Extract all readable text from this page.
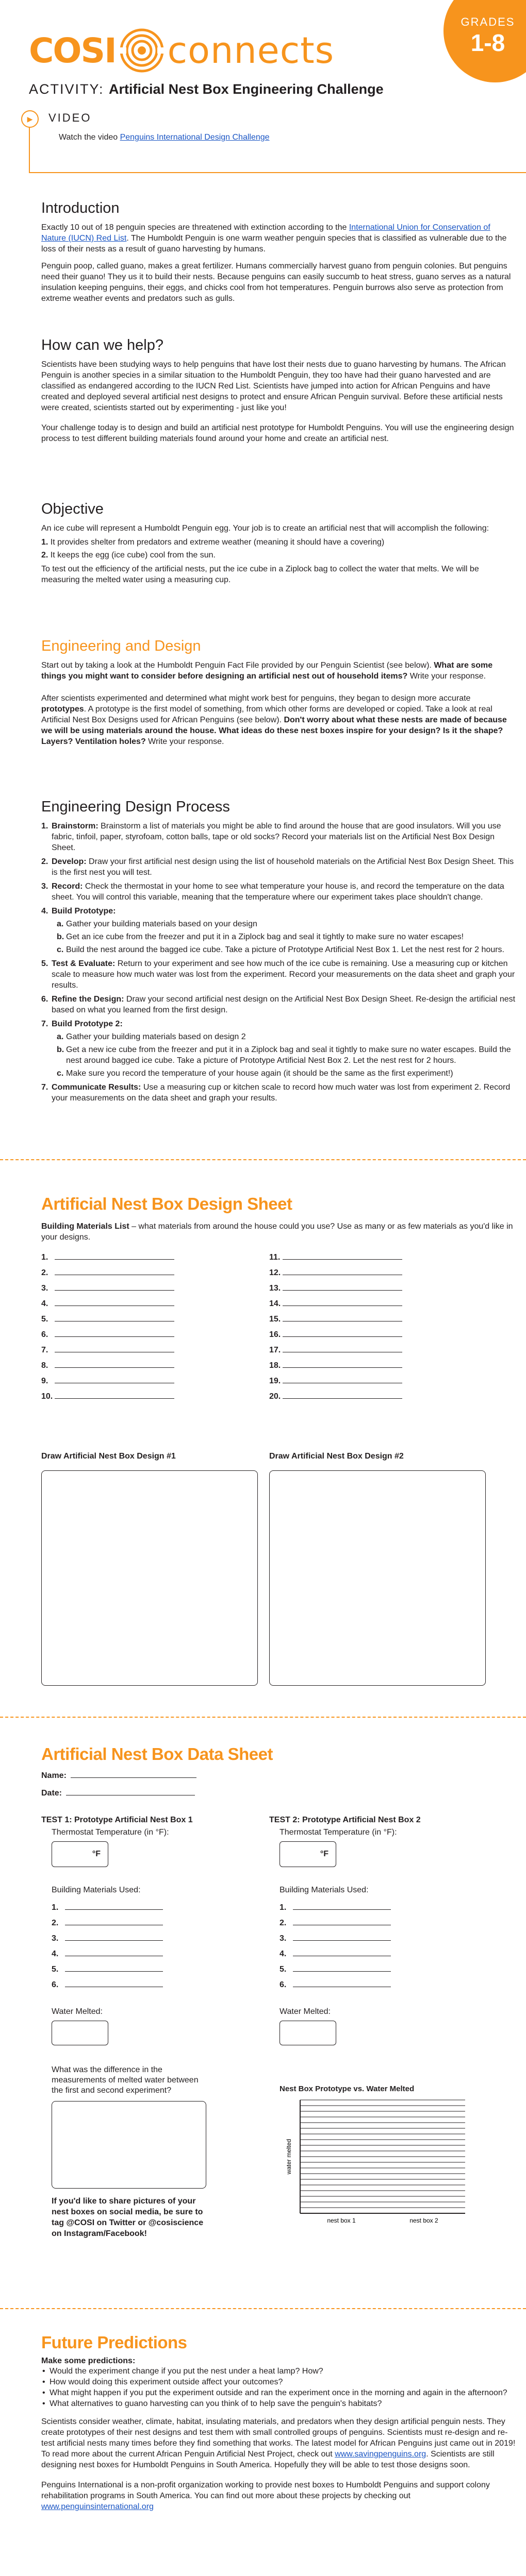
COSI connects
GRADES
1-8
ACTIVITY: Artificial Nest Box Engineering Challenge
▶	VIDEO
Watch the video Penguins International Design Challenge
Introduction

Exactly 10 out of 18 penguin species are threatened with extinction according to the International Union for Conservation of Nature (IUCN) Red List. The Humboldt Penguin is one warm weather penguin species that is classified as vulnerable due to the loss of their nests as a result of guano harvesting by humans.

Penguin poop, called guano, makes a great fertilizer. Humans commercially harvest guano from penguin colonies. But penguins need their guano! They us it to build their nests. Because penguins can easily succumb to heat stress, guano serves as a natural insulation keeping penguins, their eggs, and chicks cool from hot temperatures. Penguin burrows also serve as protection from extreme weather events and predators such as gulls.

How can we help?

Scientists have been studying ways to help penguins that have lost their nests due to guano harvesting by humans. The African Penguin is another species in a similar situation to the Humboldt Penguin, they too have had their guano harvested and are classified as endangered according to the IUCN Red List. Scientists have jumped into action for African Penguins and have created and deployed several artificial nest designs to protect and ensure African Penguin survival. Before these artificial nests were created, scientists started out by experimenting - just like you!

Your challenge today is to design and build an artificial nest prototype for Humboldt Penguins. You will use the engineering design process to test different building materials found around your home and create an artificial nest.

Objective

An ice cube will represent a Humboldt Penguin egg. Your job is to create an artificial nest that will accomplish the following:

1. It provides shelter from predators and extreme weather (meaning it should have a covering)
2. It keeps the egg (ice cube) cool from the sun.

To test out the efficiency of the artificial nests, put the ice cube in a Ziplock bag to collect the water that melts. We will be measuring the melted water using a measuring cup.

Engineering and Design

Start out by taking a look at the Humboldt Penguin Fact File provided by our Penguin Scientist (see below). What are some things you might want to consider before designing an artificial nest out of household items? Write your response.

After scientists experimented and determined what might work best for penguins, they began to design more accurate prototypes. A prototype is the first model of something, from which other forms are developed or copied. Take a look at real Artificial Nest Box Designs used for African Penguins (see below). Don't worry about what these nests are made of because we will be using materials around the house. What ideas do these nest boxes inspire for your design? Is it the shape? Layers? Ventilation holes? Write your response.

Engineering Design Process
1. Brainstorm: Brainstorm a list of materials you might be able to find around the house that are good insulators. Will you use fabric, tinfoil, paper, styrofoam, cotton balls, tape or old socks? Record your materials list on the Artificial Nest Box Design Sheet.
2. Develop: Draw your first artificial nest design using the list of household materials on the Artificial Nest Box Design Sheet. This is the first nest you will test.
3. Record: Check the thermostat in your home to see what temperature your house is, and record the temperature on the data sheet. You will control this variable, meaning that the temperature where our experiment takes place shouldn't change.
4. Build Prototype:
a. Gather your building materials based on your design
b. Get an ice cube from the freezer and put it in a Ziplock bag and seal it tightly to make sure no water escapes!
c. Build the nest around the bagged ice cube. Take a picture of Prototype Artificial Nest Box 1. Let the nest rest for 2 hours.
5. Test & Evaluate: Return to your experiment and see how much of the ice cube is remaining. Use a measuring cup or kitchen scale to measure how much water was lost from the experiment. Record your measurements on the data sheet and graph your results.
6. Refine the Design: Draw your second artificial nest design on the Artificial Nest Box Design Sheet. Re-design the artificial nest based on what you learned from the first design.
7. Build Prototype 2:
a. Gather your building materials based on design 2
b. Get a new ice cube from the freezer and put it in a Ziplock bag and seal it tightly to make sure no water escapes. Build the nest around bagged ice cube. Take a picture of Prototype Artificial Nest Box 2. Let the nest rest for 2 hours.
c. Make sure you record the temperature of your house again (it should be the same as the first experiment!)
7. Communicate Results: Use a measuring cup or kitchen scale to record how much water was lost from experiment 2. Record your measurements on the data sheet and graph your results.
Artificial Nest Box Design Sheet

Building Materials List – what materials from around the house could you use? Use as many or as few materials as you'd like in your designs.

1.
2.
3.
4.
5.
6.
7.
8.
9.
10.
11.
12.
13.
14.
15.
16.
17.
18.
19.
20.
Draw Artificial Nest Box Design #1	Draw Artificial Nest Box Design #2
Artificial Nest Box Data Sheet
Name:
Date:
TEST 1: Prototype Artificial Nest Box 1
Thermostat Temperature (in °F):
°F
Building Materials Used:
1.
2.
3.
4.
5.
6.
Water Melted:
What was the difference in the measurements of melted water between the first and second experiment?
If you'd like to share pictures of your nest boxes on social media, be sure to tag @COSI on Twitter or @cosiscience on Instagram/Facebook!
TEST 2: Prototype Artificial Nest Box 2
Thermostat Temperature (in °F):
°F
Building Materials Used:
1.
2.
3.
4.
5.
6.
Water Melted:
Nest Box Prototype vs. Water Melted
water melted
nest box 1	nest box 2
Future Predictions
Make some predictions:
• Would the experiment change if you put the nest under a heat lamp? How?
• How would doing this experiment outside affect your outcomes?
• What might happen if you put the experiment outside and ran the experiment once in the morning and again in the afternoon?
• What alternatives to guano harvesting can you think of to help save the penguin's habitats?

Scientists consider weather, climate, habitat, insulating materials, and predators when they design artificial penguin nests. They create prototypes of their nest designs and test them with small controlled groups of penguins. Scientists must re-design and re-test artificial nests many times before they find something that works. The latest model for African Penguins just came out in 2019! To read more about the current African Penguin Artificial Nest Project, check out www.savingpenguins.org. Scientists are still designing nest boxes for Humboldt Penguins in South America. Hopefully they will be able to test those designs soon.

Penguins International is a non-profit organization working to provide nest boxes to Humboldt Penguins and support colony rehabilitation programs in South America. You can find out more about these projects by checking out www.penguinsinternational.org
